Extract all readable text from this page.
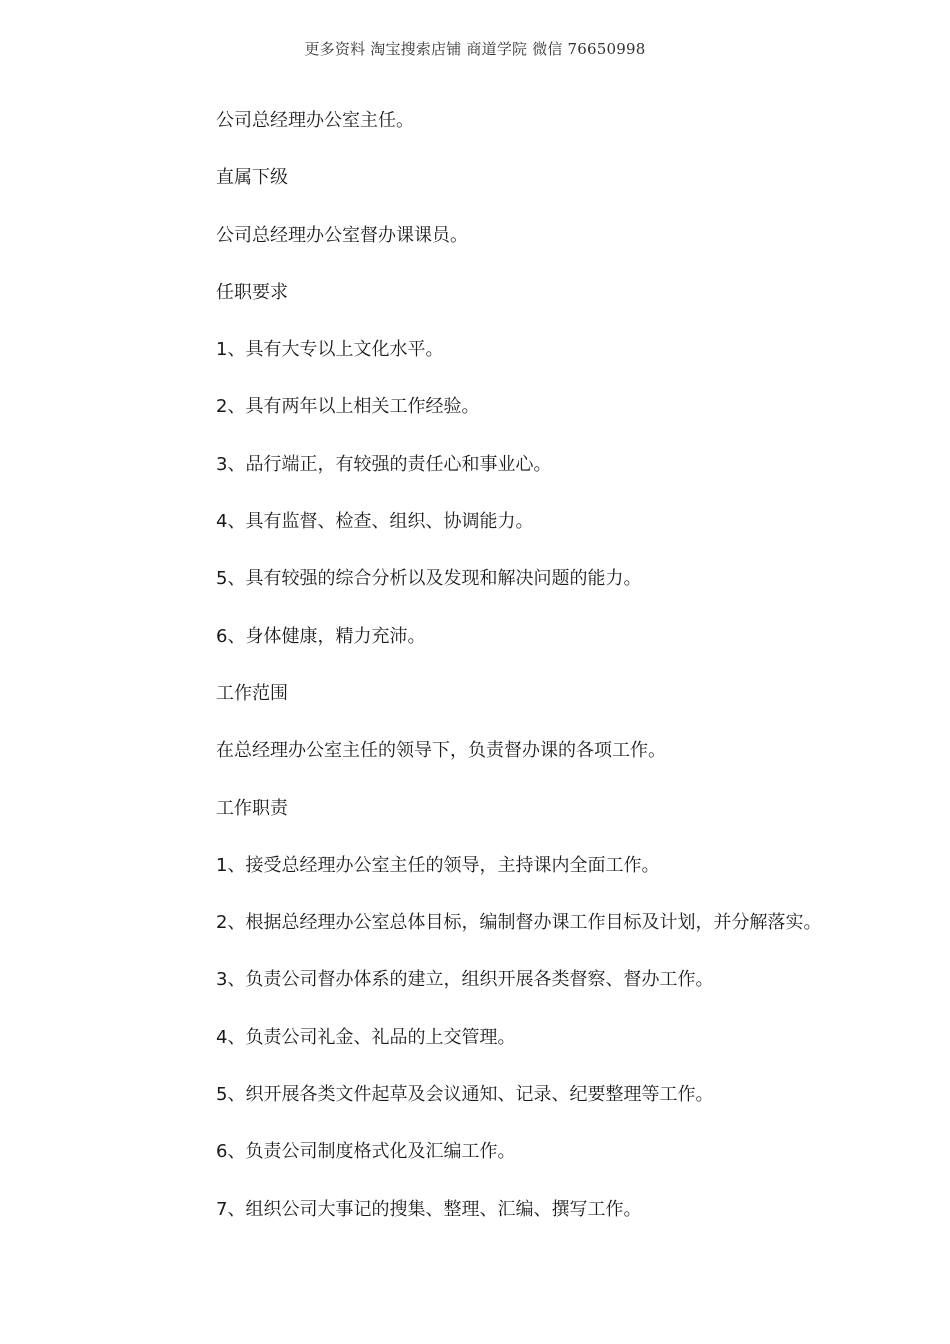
更多资料 淘宝搜索店铺 商道学院 微信 76650998

公司总经理办公室主任。

直属下级

公司总经理办公室督办课课员。

任职要求

1、具有大专以上文化水平。

2、具有两年以上相关工作经验。

3、品行端正，有较强的责任心和事业心。

4、具有监督、检查、组织、协调能力。

5、具有较强的综合分析以及发现和解决问题的能力。

6、身体健康，精力充沛。

工作范围

在总经理办公室主任的领导下，负责督办课的各项工作。

工作职责

1、接受总经理办公室主任的领导，主持课内全面工作。

2、根据总经理办公室总体目标，编制督办课工作目标及计划，并分解落实。

3、负责公司督办体系的建立，组织开展各类督察、督办工作。

4、负责公司礼金、礼品的上交管理。

5、织开展各类文件起草及会议通知、记录、纪要整理等工作。

6、负责公司制度格式化及汇编工作。

7、组织公司大事记的搜集、整理、汇编、撰写工作。
